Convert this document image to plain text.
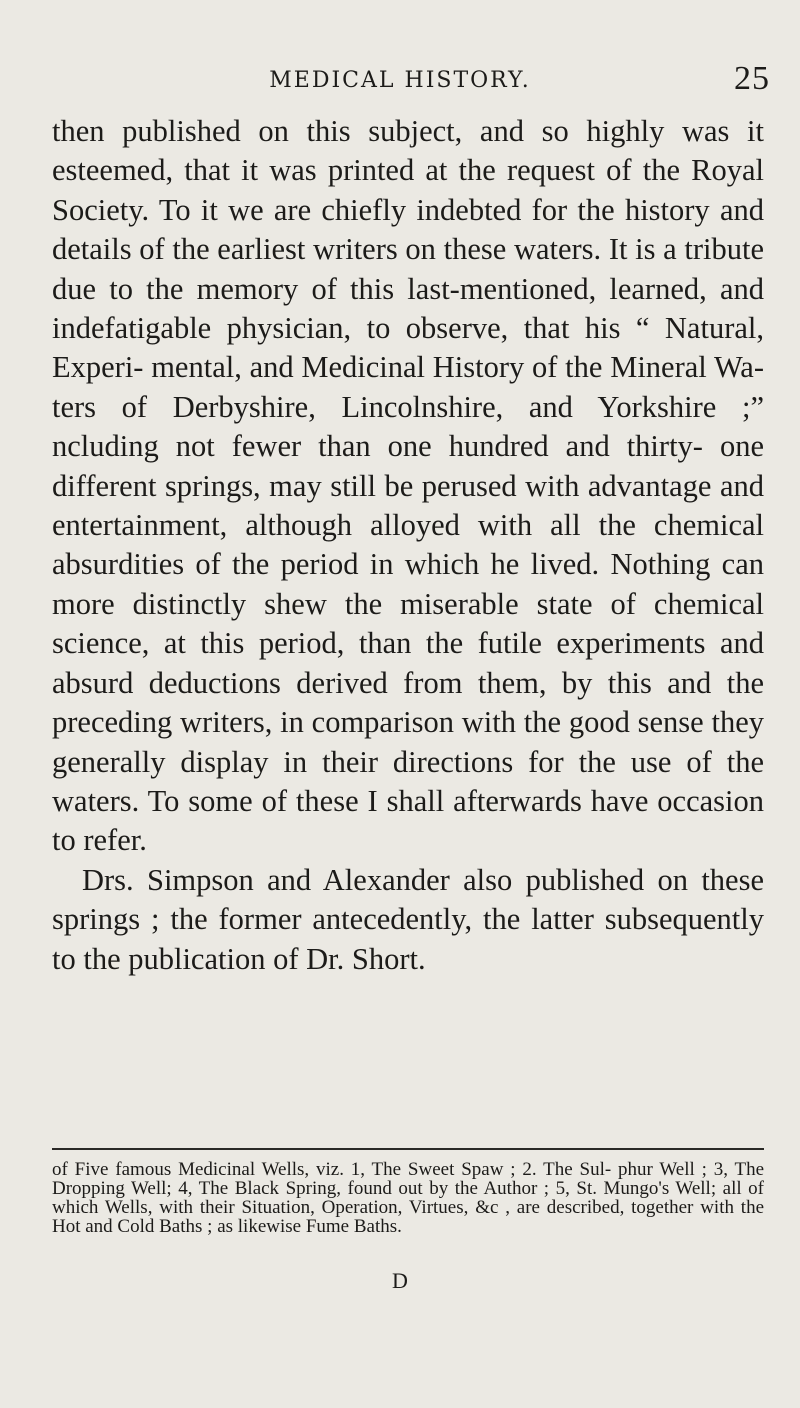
MEDICAL HISTORY.	25

then published on this subject, and so highly was it esteemed, that it was printed at the request of the Royal Society. To it we are chiefly indebted for the history and details of the earliest writers on these waters. It is a tribute due to the memory of this last-mentioned, learned, and indefatigable physician, to observe, that his “ Natural, Experi- mental, and Medicinal History of the Mineral Wa- ters of Derbyshire, Lincolnshire, and Yorkshire ;” ncluding not fewer than one hundred and thirty- one different springs, may still be perused with advantage and entertainment, although alloyed with all the chemical absurdities of the period in which he lived. Nothing can more distinctly shew the miserable state of chemical science, at this period, than the futile experiments and absurd deductions derived from them, by this and the preceding writers, in comparison with the good sense they generally display in their directions for the use of the waters. To some of these I shall afterwards have occasion to refer.

Drs. Simpson and Alexander also published on these springs ; the former antecedently, the latter subsequently to the publication of Dr. Short.

of Five famous Medicinal Wells, viz. 1, The Sweet Spaw ; 2. The Sul- phur Well ; 3, The Dropping Well; 4, The Black Spring, found out by the Author ; 5, St. Mungo's Well; all of which Wells, with their Situation, Operation, Virtues, &c , are described, together with the Hot and Cold Baths ; as likewise Fume Baths.
D
